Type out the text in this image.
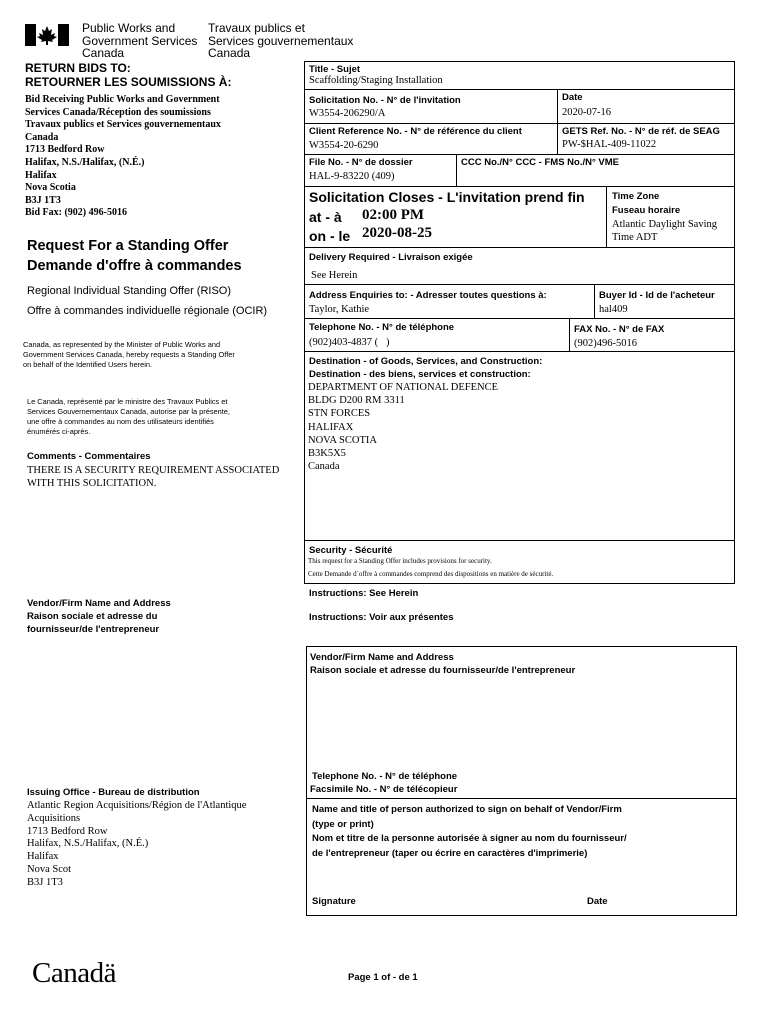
Public Works and
Government Services
Canada
Travaux publics et
Services gouvernementaux
Canada
RETURN BIDS TO:
RETOURNER LES SOUMISSIONS À:
Bid Receiving Public Works and Government
Services Canada/Réception des soumissions
Travaux publics et Services gouvernementaux
Canada
1713 Bedford Row
Halifax, N.S./Halifax, (N.É.)
Halifax
Nova Scotia
B3J 1T3
Bid Fax: (902) 496-5016
Request For a Standing Offer
Demande d'offre à commandes
Regional Individual Standing Offer (RISO)
Offre à commandes individuelle régionale (OCIR)
Canada, as represented by the Minister of Public Works and
Government Services Canada, hereby requests a Standing Offer
on behalf of the Identified Users herein.
Le Canada, représenté par le ministre des Travaux Publics et
Services Gouvernementaux Canada, autorise par la présente,
une offre à commandes au nom des utilisateurs identifiés
énumérés ci-après.
Comments - Commentaires
THERE IS A SECURITY REQUIREMENT ASSOCIATED
WITH THIS SOLICITATION.
Vendor/Firm Name and Address
Raison sociale et adresse du
fournisseur/de l'entrepreneur
Issuing Office - Bureau de distribution
Atlantic Region Acquisitions/Région de l'Atlantique
Acquisitions
1713 Bedford Row
Halifax, N.S./Halifax, (N.É.)
Halifax
Nova Scot
B3J 1T3
Title - Sujet
Scaffolding/Staging Installation
Solicitation No. - N° de l'invitation
W3554-206290/A
Date
2020-07-16
Client Reference No. - N° de référence du client
W3554-20-6290
GETS Ref. No. - N° de réf. de SEAG
PW-$HAL-409-11022
File No. - N° de dossier
HAL-9-83220 (409)
CCC No./N° CCC - FMS No./N° VME
Solicitation Closes - L'invitation prend fin
at - à 02:00 PM
on - le 2020-08-25
Time Zone
Fuseau horaire
Atlantic Daylight Saving
Time ADT
Delivery Required - Livraison exigée
See Herein
Address Enquiries to: - Adresser toutes questions à:
Taylor, Kathie
Buyer Id - Id de l'acheteur
hal409
Telephone No. - N° de téléphone
(902)403-4837 (   )
FAX No. - N° de FAX
(902)496-5016
Destination - of Goods, Services, and Construction:
Destination - des biens, services et construction:
DEPARTMENT OF NATIONAL DEFENCE
BLDG D200 RM 3311
STN FORCES
HALIFAX
NOVA SCOTIA
B3K5X5
Canada
Security - Sécurité
This request for a Standing Offer includes provisions for security.
Cette Demande d´offre à commandes comprend des dispositions en matière de sécurité.
Instructions: See Herein
Instructions: Voir aux présentes
Vendor/Firm Name and Address
Raison sociale et adresse du fournisseur/de l'entrepreneur
Telephone No. - N° de téléphone
Facsimile No. - N° de télécopieur
Name and title of person authorized to sign on behalf of Vendor/Firm
(type or print)
Nom et titre de la personne autorisée à signer au nom du fournisseur/
de l'entrepreneur (taper ou écrire en caractères d'imprimerie)
Signature	Date
Canadä	Page 1 of - de 1
